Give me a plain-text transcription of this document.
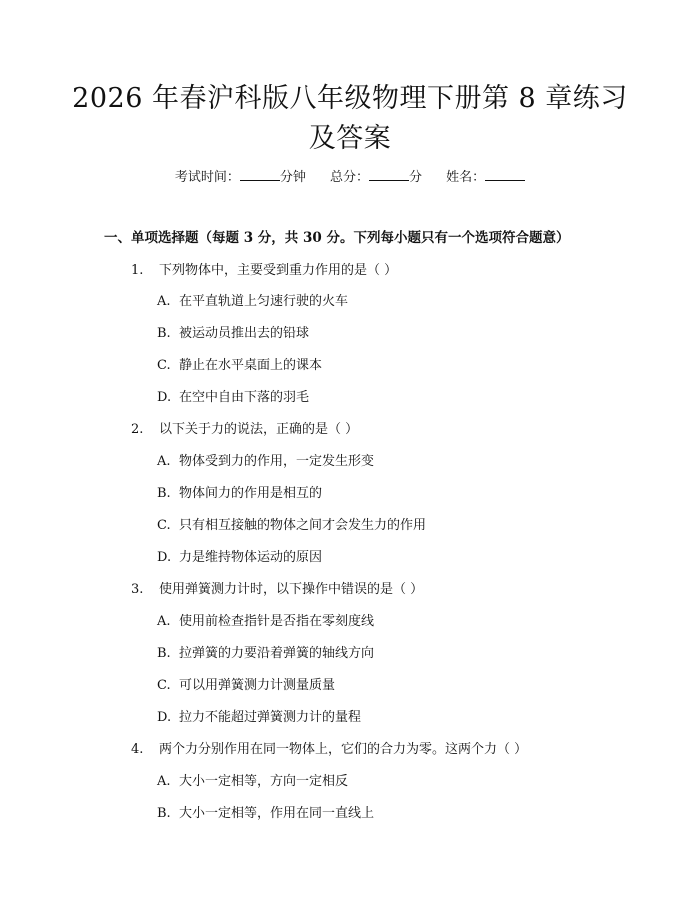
2026 年春沪科版八年级物理下册第 8 章练习
及答案
考试时间：	分钟 总分：	分 姓名：
一、单项选择题（每题 3 分，共 30 分。下列每小题只有一个选项符合题意）
1. 下列物体中，主要受到重力作用的是（ ）
A. 在平直轨道上匀速行驶的火车
B. 被运动员推出去的铅球
C. 静止在水平桌面上的课本
D. 在空中自由下落的羽毛
2. 以下关于力的说法，正确的是（ ）
A. 物体受到力的作用，一定发生形变
B. 物体间力的作用是相互的
C. 只有相互接触的物体之间才会发生力的作用
D. 力是维持物体运动的原因
3. 使用弹簧测力计时，以下操作中错误的是（ ）
A. 使用前检查指针是否指在零刻度线
B. 拉弹簧的力要沿着弹簧的轴线方向
C. 可以用弹簧测力计测量质量
D. 拉力不能超过弹簧测力计的量程
4. 两个力分别作用在同一物体上，它们的合力为零。这两个力（ ）
A. 大小一定相等，方向一定相反
B. 大小一定相等，作用在同一直线上
